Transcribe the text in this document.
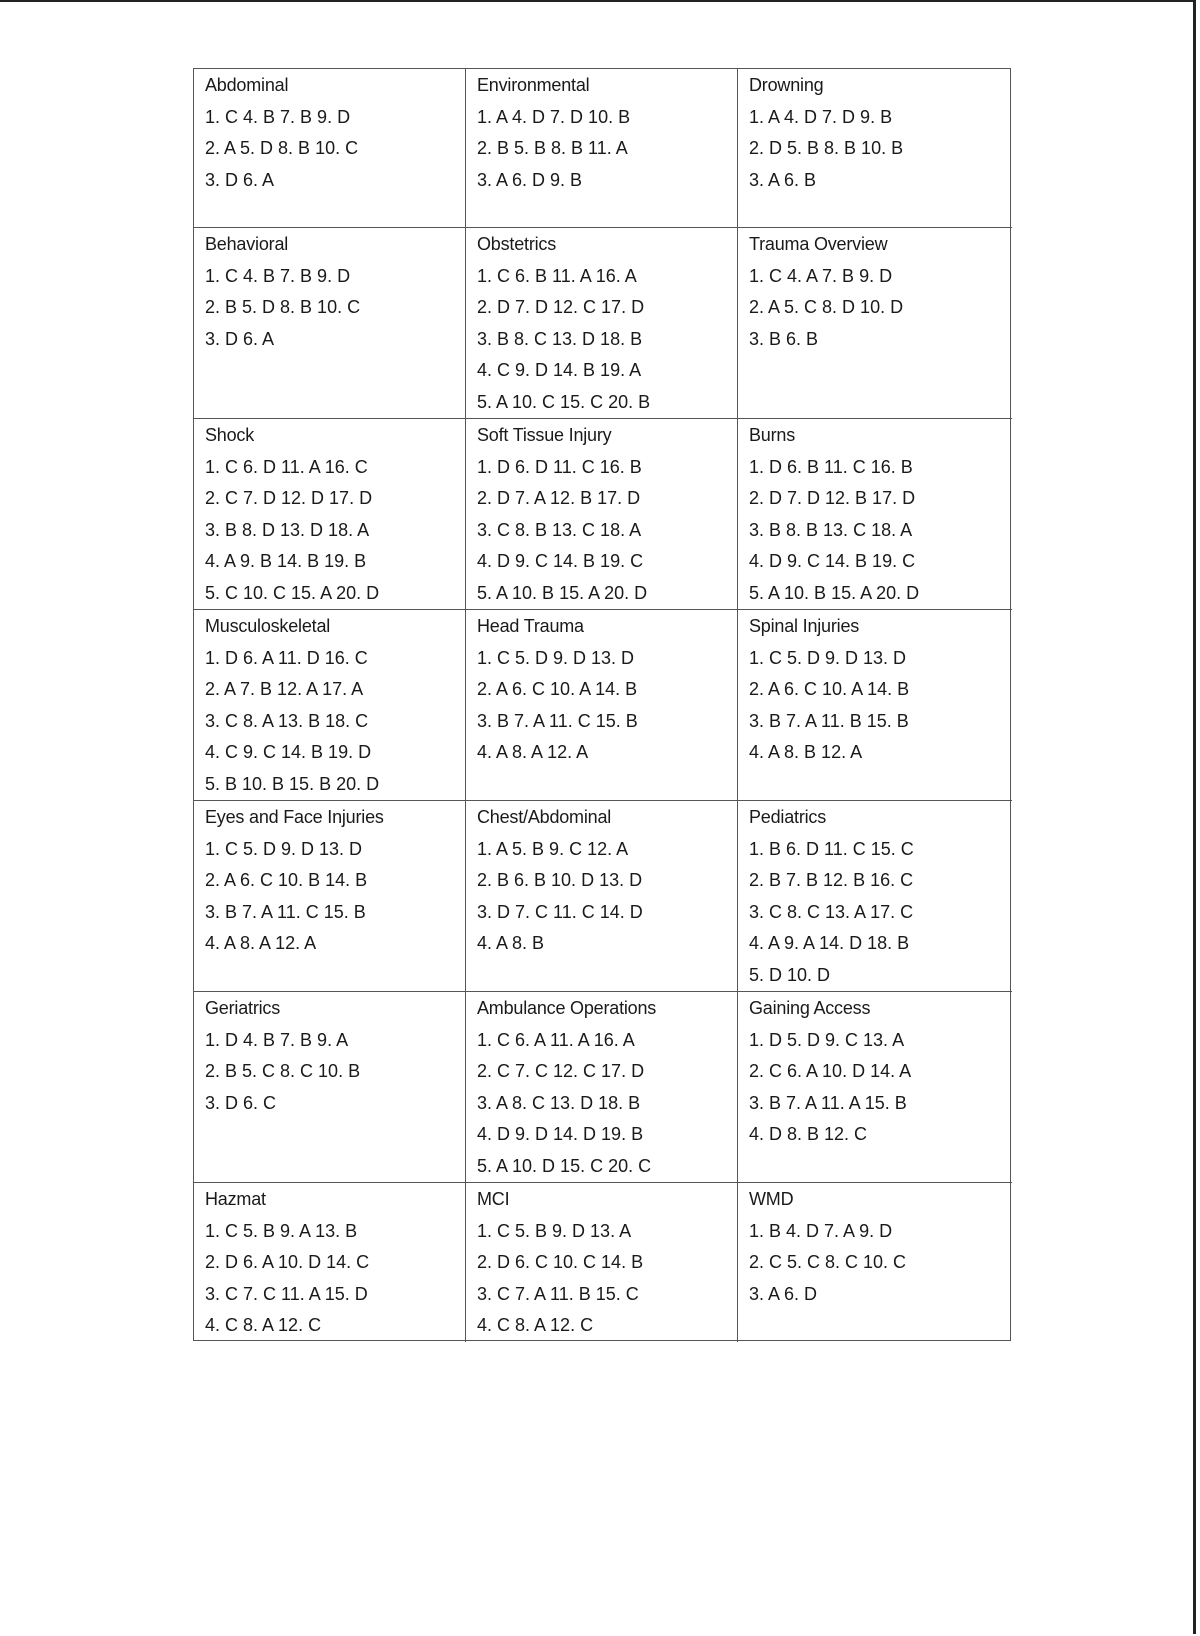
Abdominal
1. C 4. B 7. B 9. D
2. A 5. D 8. B 10. C
3. D 6. A
Environmental
1. A 4. D 7. D 10. B
2. B 5. B 8. B 11. A
3. A 6. D 9. B
Drowning
1. A 4. D 7. D 9. B
2. D 5. B 8. B 10. B
3. A 6. B
Behavioral
1. C 4. B 7. B 9. D
2. B 5. D 8. B 10. C
3. D 6. A
Obstetrics
1. C 6. B 11. A 16. A
2. D 7. D 12. C 17. D
3. B 8. C 13. D 18. B
4. C 9. D 14. B 19. A
5. A 10. C 15. C 20. B
Trauma Overview
1. C 4. A 7. B 9. D
2. A 5. C 8. D 10. D
3. B 6. B
Shock
1. C 6. D 11. A 16. C
2. C 7. D 12. D 17. D
3. B 8. D 13. D 18. A
4. A 9. B 14. B 19. B
5. C 10. C 15. A 20. D
Soft Tissue Injury
1. D 6. D 11. C 16. B
2. D 7. A 12. B 17. D
3. C 8. B 13. C 18. A
4. D 9. C 14. B 19. C
5. A 10. B 15. A 20. D
Burns
1. D 6. B 11. C 16. B
2. D 7. D 12. B 17. D
3. B 8. B 13. C 18. A
4. D 9. C 14. B 19. C
5. A 10. B 15. A 20. D
Musculoskeletal
1. D 6. A 11. D 16. C
2. A 7. B 12. A 17. A
3. C 8. A 13. B 18. C
4. C 9. C 14. B 19. D
5. B 10. B 15. B 20. D
Head Trauma
1. C 5. D 9. D 13. D
2. A 6. C 10. A 14. B
3. B 7. A 11. C 15. B
4. A 8. A 12. A
Spinal Injuries
1. C 5. D 9. D 13. D
2. A 6. C 10. A 14. B
3. B 7. A 11. B 15. B
4. A 8. B 12. A
Eyes and Face Injuries
1. C 5. D 9. D 13. D
2. A 6. C 10. B 14. B
3. B 7. A 11. C 15. B
4. A 8. A 12. A
Chest/Abdominal
1. A 5. B 9. C 12. A
2. B 6. B 10. D 13. D
3. D 7. C 11. C 14. D
4. A 8. B
Pediatrics
1. B 6. D 11. C 15. C
2. B 7. B 12. B 16. C
3. C 8. C 13. A 17. C
4. A 9. A 14. D 18. B
5. D 10. D
Geriatrics
1. D 4. B 7. B 9. A
2. B 5. C 8. C 10. B
3. D 6. C
Ambulance Operations
1. C 6. A 11. A 16. A
2. C 7. C 12. C 17. D
3. A 8. C 13. D 18. B
4. D 9. D 14. D 19. B
5. A 10. D 15. C 20. C
Gaining Access
1. D 5. D 9. C 13. A
2. C 6. A 10. D 14. A
3. B 7. A 11. A 15. B
4. D 8. B 12. C
Hazmat
1. C 5. B 9. A 13. B
2. D 6. A 10. D 14. C
3. C 7. C 11. A 15. D
4. C 8. A 12. C
MCI
1. C 5. B 9. D 13. A
2. D 6. C 10. C 14. B
3. C 7. A 11. B 15. C
4. C 8. A 12. C
WMD
1. B 4. D 7. A 9. D
2. C 5. C 8. C 10. C
3. A 6. D
